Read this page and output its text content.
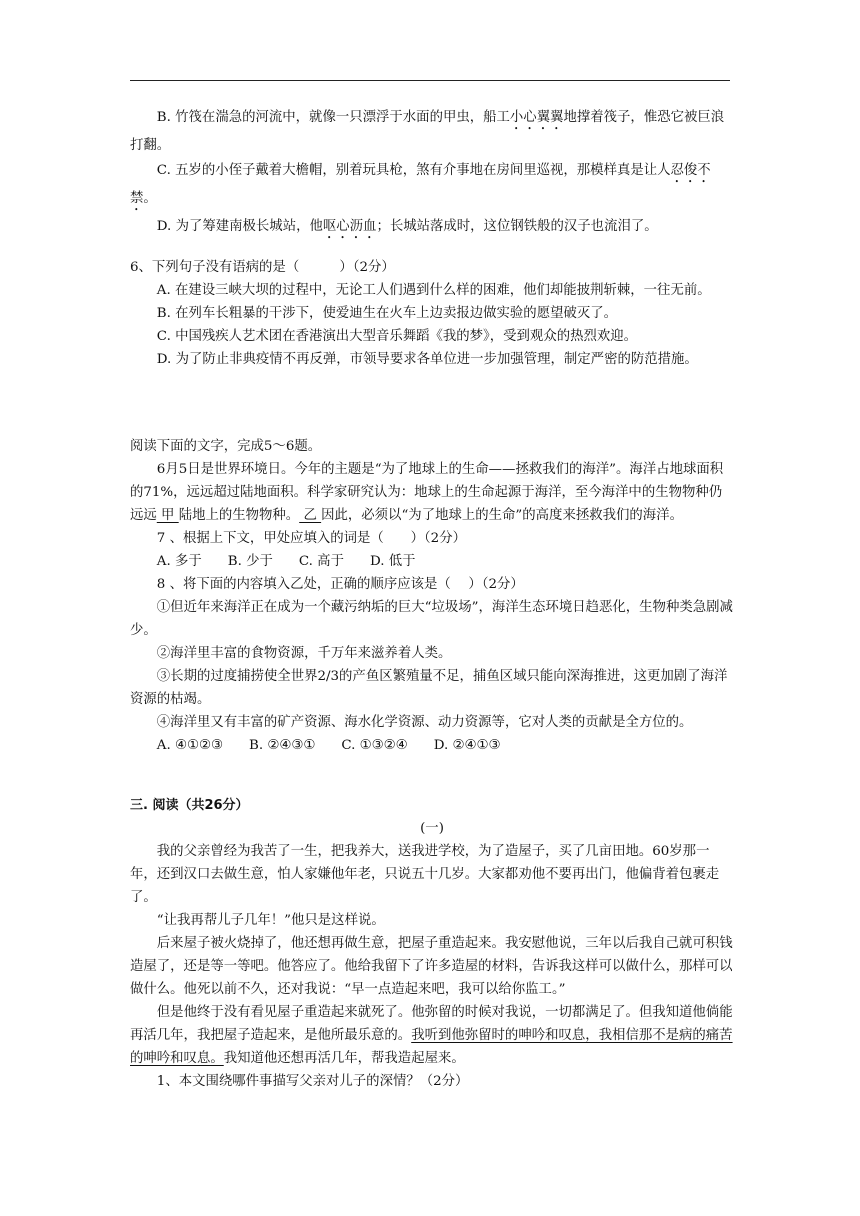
B. 竹筏在湍急的河流中，就像一只漂浮于水面的甲虫，船工小心翼翼地撑着筏子，惟恐它被巨浪打翻。

C. 五岁的小侄子戴着大檐帽，别着玩具枪，煞有介事地在房间里巡视，那模样真是让人忍俊不禁。

D. 为了筹建南极长城站，他呕心沥血；长城站落成时，这位钢铁般的汉子也流泪了。

6、下列句子没有语病的是（　　　）（2分）

A. 在建设三峡大坝的过程中，无论工人们遇到什么样的困难，他们却能披荆斩棘，一往无前。

B. 在列车长粗暴的干涉下，使爱迪生在火车上边卖报边做实验的愿望破灭了。

C. 中国残疾人艺术团在香港演出大型音乐舞蹈《我的梦》，受到观众的热烈欢迎。

D. 为了防止非典疫情不再反弹，市领导要求各单位进一步加强管理，制定严密的防范措施。

阅读下面的文字，完成5～6题。

6月5日是世界环境日。今年的主题是“为了地球上的生命——拯救我们的海洋”。海洋占地球面积的71%，远远超过陆地面积。科学家研究认为：地球上的生命起源于海洋，至今海洋中的生物物种仍远远 甲 陆地上的生物物种。 乙 因此，必须以“为了地球上的生命”的高度来拯救我们的海洋。

7 、根据上下文，甲处应填入的词是（　　）（2分）

A. 多于 B. 少于 C. 高于 D. 低于

8 、将下面的内容填入乙处，正确的顺序应该是（　 ）（2分）

①但近年来海洋正在成为一个藏污纳垢的巨大“垃圾场”，海洋生态环境日趋恶化，生物种类急剧减少。

②海洋里丰富的食物资源，千万年来滋养着人类。

③长期的过度捕捞使全世界2/3的产鱼区繁殖量不足，捕鱼区域只能向深海推进，这更加剧了海洋资源的枯竭。

④海洋里又有丰富的矿产资源、海水化学资源、动力资源等，它对人类的贡献是全方位的。

A. ④①②③ B. ②④③① C. ①③②④ D. ②④①③

三. 阅读（共26分）

(一)

我的父亲曾经为我苦了一生，把我养大，送我进学校，为了造屋子，买了几亩田地。60岁那一年，还到汉口去做生意，怕人家嫌他年老，只说五十几岁。大家都劝他不要再出门，他偏背着包裹走了。

“让我再帮儿子几年！”他只是这样说。

后来屋子被火烧掉了，他还想再做生意，把屋子重造起来。我安慰他说，三年以后我自己就可积钱造屋了，还是等一等吧。他答应了。他给我留下了许多造屋的材料，告诉我这样可以做什么，那样可以做什么。他死以前不久，还对我说：“早一点造起来吧，我可以给你监工。”

但是他终于没有看见屋子重造起来就死了。他弥留的时候对我说，一切都满足了。但我知道他倘能再活几年，我把屋子造起来，是他所最乐意的。我听到他弥留时的呻吟和叹息，我相信那不是病的痛苦的呻吟和叹息。我知道他还想再活几年，帮我造起屋来。

1、本文围绕哪件事描写父亲对儿子的深情？（2分）
